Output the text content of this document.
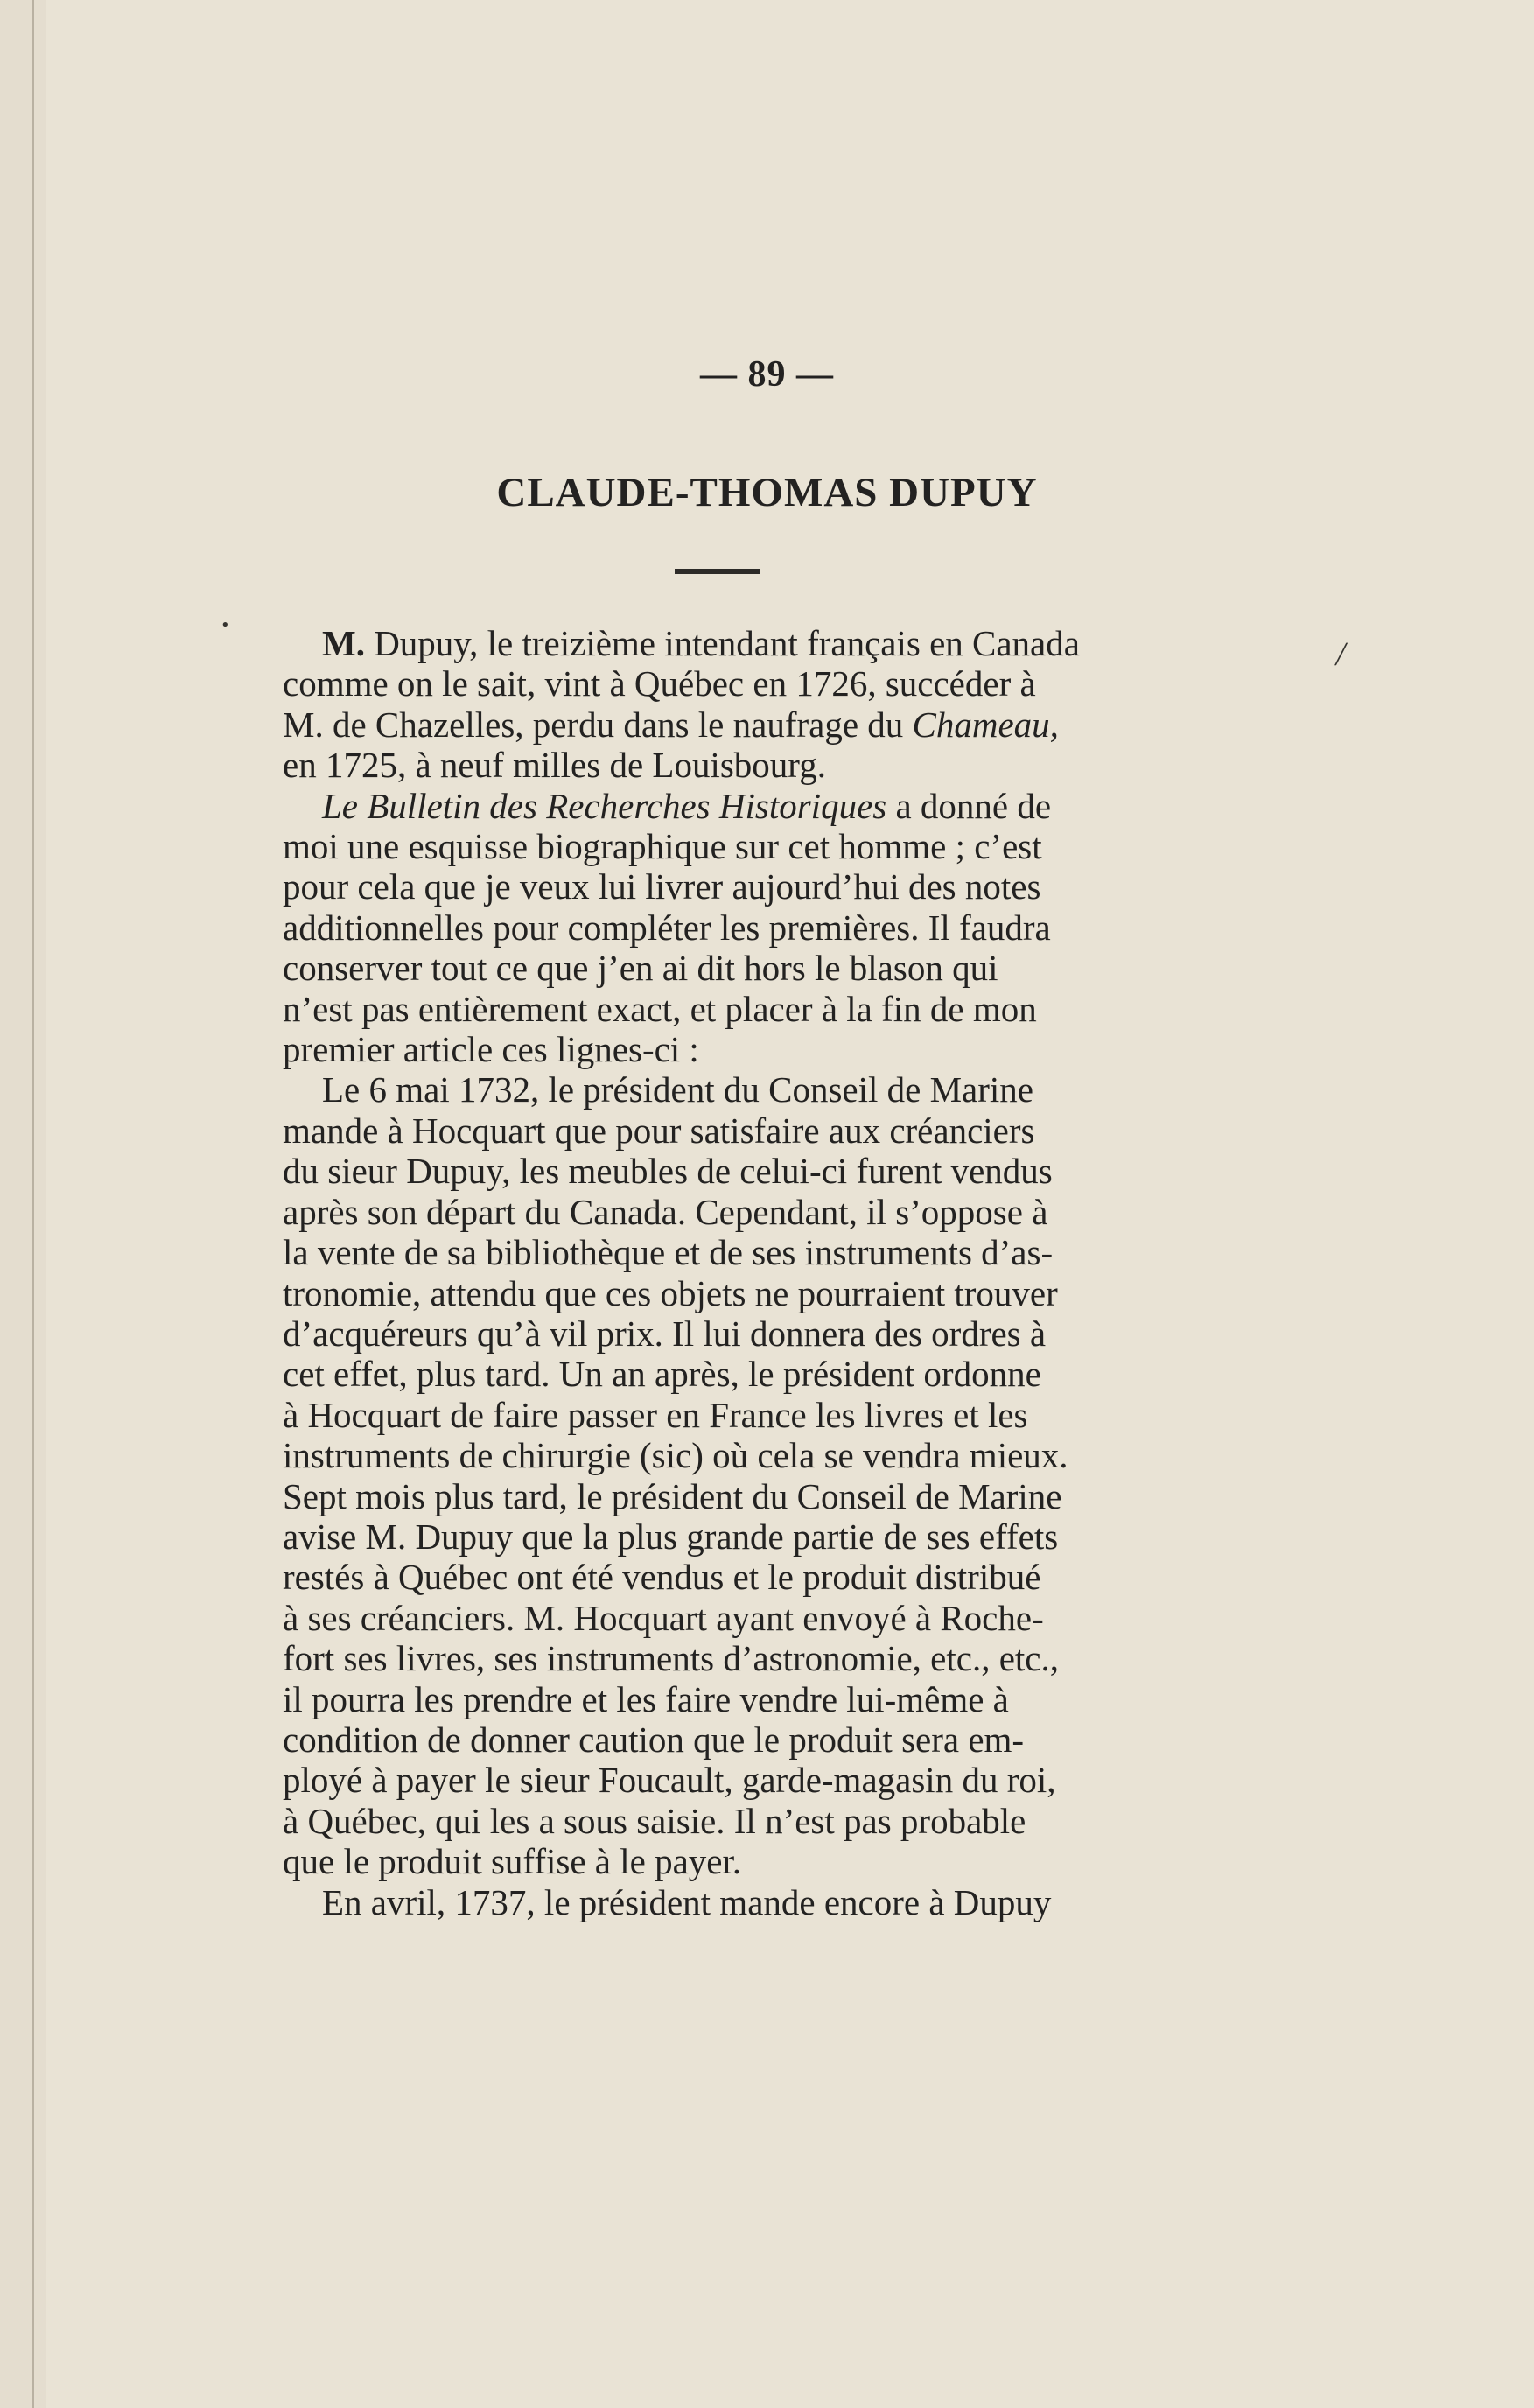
— 89 —
CLAUDE-THOMAS DUPUY
•
╱
M. Dupuy, le treizième intendant français en Canada
comme on le sait, vint à Québec en 1726, succéder à
M. de Chazelles, perdu dans le naufrage du Chameau,
en 1725, à neuf milles de Louisbourg.
Le Bulletin des Recherches Historiques a donné de
moi une esquisse biographique sur cet homme ; c’est
pour cela que je veux lui livrer aujourd’hui des notes
additionnelles pour compléter les premières. Il faudra
conserver tout ce que j’en ai dit hors le blason qui
n’est pas entièrement exact, et placer à la fin de mon
premier article ces lignes-ci :
Le 6 mai 1732, le président du Conseil de Marine
mande à Hocquart que pour satisfaire aux créanciers
du sieur Dupuy, les meubles de celui-ci furent vendus
après son départ du Canada. Cependant, il s’oppose à
la vente de sa bibliothèque et de ses instruments d’as-
tronomie, attendu que ces objets ne pourraient trouver
d’acquéreurs qu’à vil prix. Il lui donnera des ordres à
cet effet, plus tard. Un an après, le président ordonne
à Hocquart de faire passer en France les livres et les
instruments de chirurgie (sic) où cela se vendra mieux.
Sept mois plus tard, le président du Conseil de Marine
avise M. Dupuy que la plus grande partie de ses effets
restés à Québec ont été vendus et le produit distribué
à ses créanciers. M. Hocquart ayant envoyé à Roche-
fort ses livres, ses instruments d’astronomie, etc., etc.,
il pourra les prendre et les faire vendre lui-même à
condition de donner caution que le produit sera em-
ployé à payer le sieur Foucault, garde-magasin du roi,
à Québec, qui les a sous saisie. Il n’est pas probable
que le produit suffise à le payer.
En avril, 1737, le président mande encore à Dupuy
